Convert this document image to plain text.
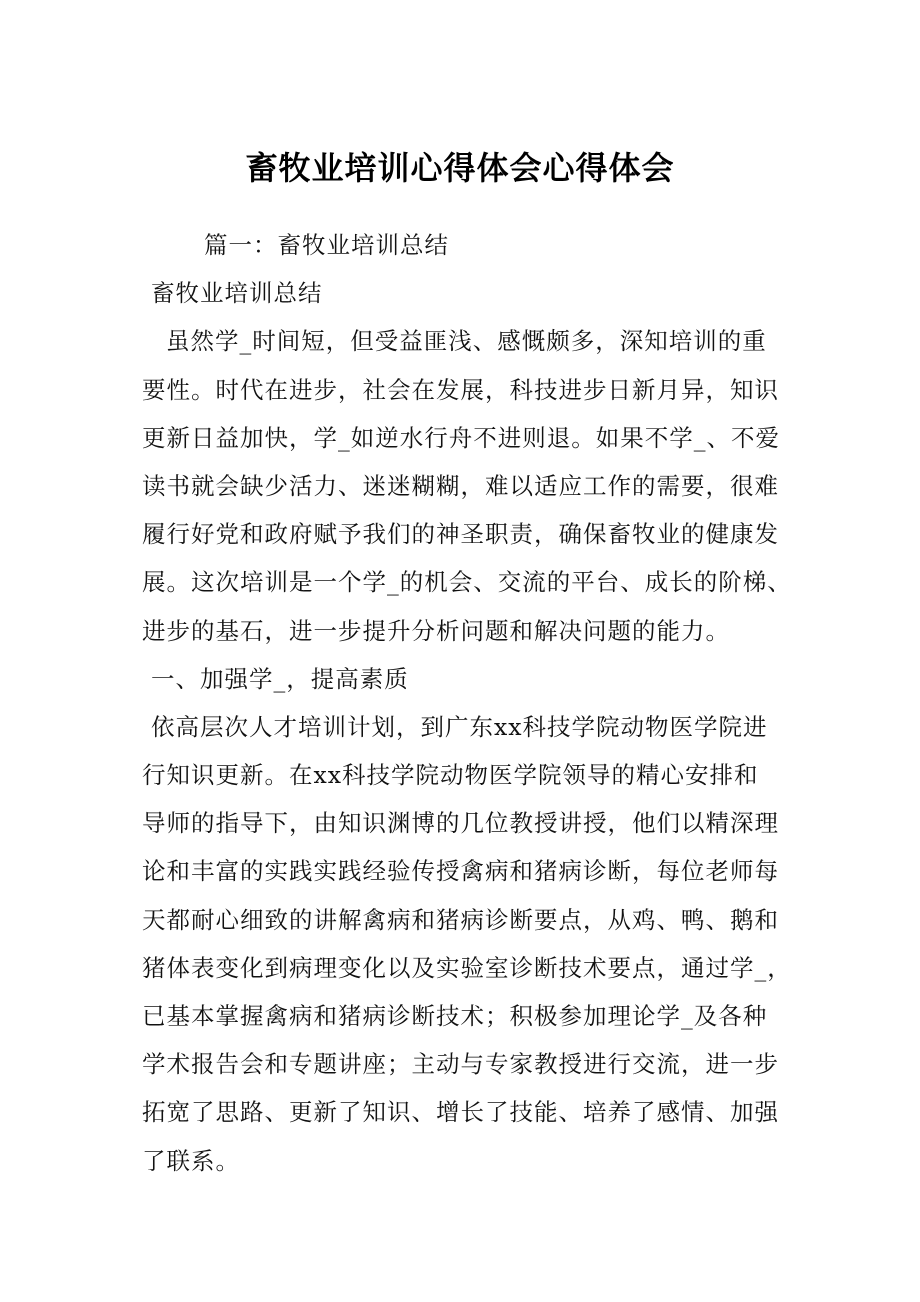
畜牧业培训心得体会心得体会
篇一：畜牧业培训总结
畜牧业培训总结
虽然学_时间短，但受益匪浅、感慨颇多，深知培训的重
要性。时代在进步，社会在发展，科技进步日新月异，知识
更新日益加快，学_如逆水行舟不进则退。如果不学_、不爱
读书就会缺少活力、迷迷糊糊，难以适应工作的需要，很难
履行好党和政府赋予我们的神圣职责，确保畜牧业的健康发
展。这次培训是一个学_的机会、交流的平台、成长的阶梯、
进步的基石，进一步提升分析问题和解决问题的能力。
一、加强学_，提高素质
依高层次人才培训计划，到广东xx科技学院动物医学院进
行知识更新。在xx科技学院动物医学院领导的精心安排和
导师的指导下，由知识渊博的几位教授讲授，他们以精深理
论和丰富的实践实践经验传授禽病和猪病诊断，每位老师每
天都耐心细致的讲解禽病和猪病诊断要点，从鸡、鸭、鹅和
猪体表变化到病理变化以及实验室诊断技术要点，通过学_，
已基本掌握禽病和猪病诊断技术；积极参加理论学_及各种
学术报告会和专题讲座；主动与专家教授进行交流，进一步
拓宽了思路、更新了知识、增长了技能、培养了感情、加强
了联系。
